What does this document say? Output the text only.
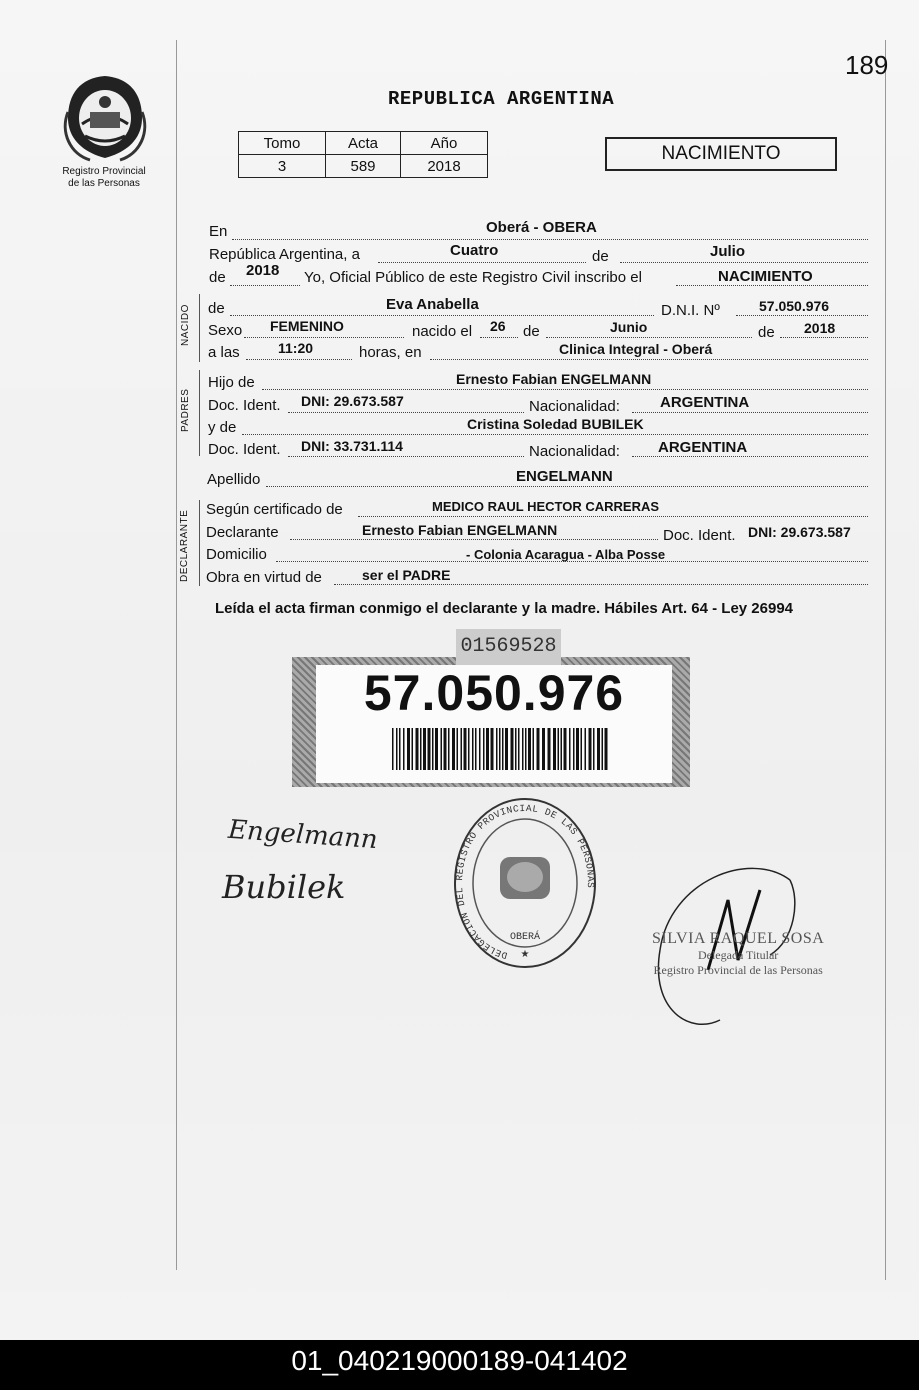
189
Registro Provincial
de las Personas
REPUBLICA ARGENTINA
Tomo	Acta	Año
3	589	2018
NACIMIENTO
En	Oberá - OBERA
República Argentina, a	Cuatro	de	Julio
de 2018 Yo, Oficial Público de este Registro Civil inscribo el	NACIMIENTO
NACIDO de	Eva Anabella	D.N.I. Nº	57.050.976
Sexo FEMENINO	nacido el 26 de	Junio	de 2018
a las	11:20	horas, en	Clinica Integral - Oberá
PADRES
Hijo de	Ernesto Fabian ENGELMANN
Doc. Ident. DNI: 29.673.587	Nacionalidad:	ARGENTINA
y de	Cristina Soledad BUBILEK
Doc. Ident. DNI: 33.731.114	Nacionalidad:	ARGENTINA
Apellido	ENGELMANN
DECLARANTE
Según certificado de	MEDICO RAUL HECTOR CARRERAS
Declarante	Ernesto Fabian ENGELMANN	Doc. Ident. DNI: 29.673.587
Domicilio	- Colonia Acaragua - Alba Posse
Obra en virtud de	ser el PADRE
Leída el acta firman conmigo el declarante y la madre. Hábiles Art. 64 - Ley 26994
01569528
57.050.976
Engelmann
Bubilek
DELEGACION DEL REGISTRO PROVINCIAL DE LAS PERSONAS
OBERÁ
★
SILVIA RAQUEL SOSA
Delegada Titular
Registro Provincial de las Personas
01_040219000189-041402
